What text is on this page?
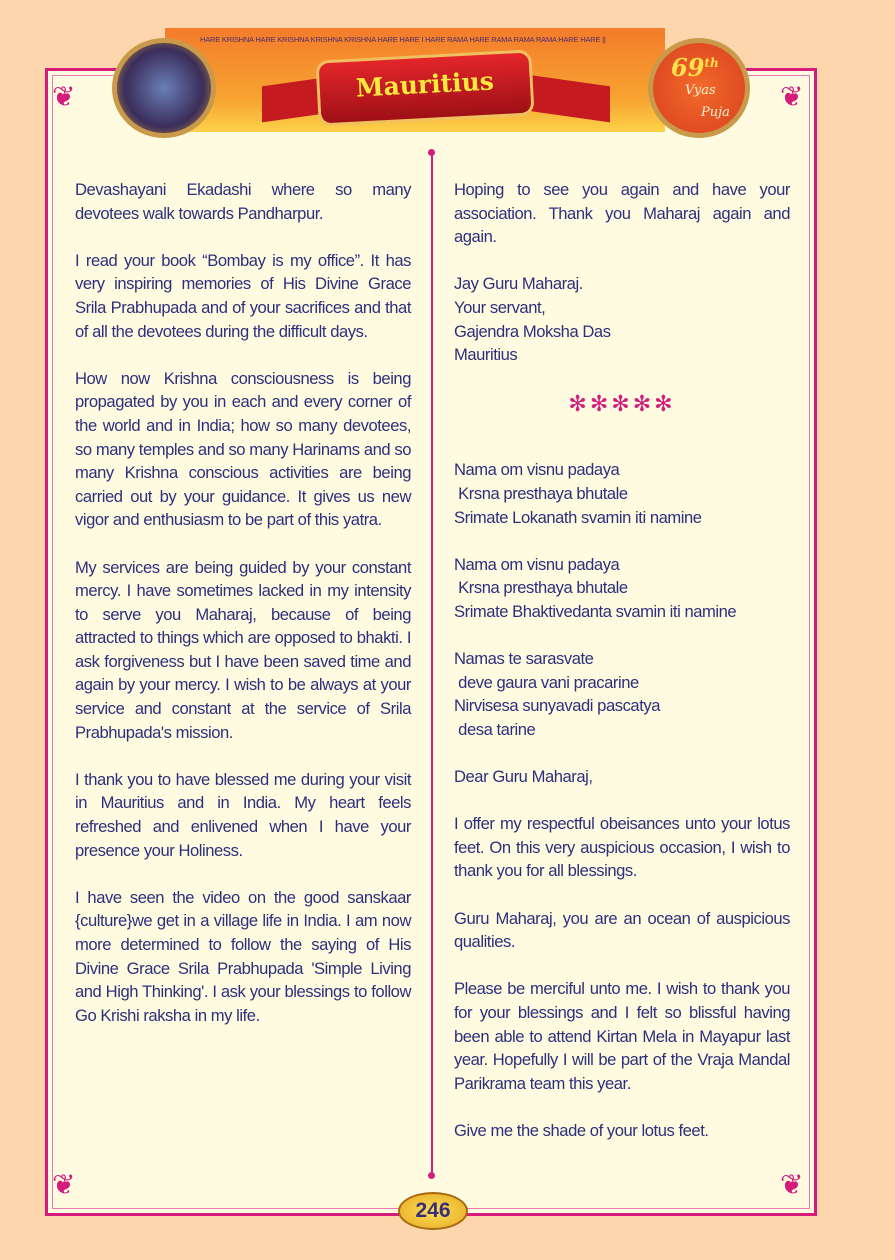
❦	❦
❦	❦
HARE KRISHNA HARE KRISHNA KRISHNA KRISHNA HARE HARE I HARE RAMA HARE RAMA RAMA RAMA HARE HARE ||
Mauritius	69th
Vyas
Puja

Devashayani Ekadashi where so many devotees walk towards Pandharpur.

I read your book “Bombay is my office”. It has very inspiring memories of His Divine Grace Srila Prabhupada and of your sacrifices and that of all the devotees during the difficult days.

How now Krishna consciousness is being propagated by you in each and every corner of the world and in India; how so many devotees, so many temples and so many Harinams and so many Krishna conscious activities are being carried out by your guidance. It gives us new vigor and enthusiasm to be part of this yatra.

My services are being guided by your constant mercy. I have sometimes lacked in my intensity to serve you Maharaj, because of being attracted to things which are opposed to bhakti. I ask forgiveness but I have been saved time and again by your mercy. I wish to be always at your service and constant at the service of Srila Prabhupada's mission.

I thank you to have blessed me during your visit in Mauritius and in India. My heart feels refreshed and enlivened when I have your presence your Holiness.

I have seen the video on the good sanskaar {culture}we get in a village life in India. I am now more determined to follow the saying of His Divine Grace Srila Prabhupada 'Simple Living and High Thinking'. I ask your blessings to follow Go Krishi raksha in my life.

Hoping to see you again and have your association. Thank you Maharaj again and again.

Jay Guru Maharaj.
Your servant,
Gajendra Moksha Das
Mauritius

✻✻✻✻✻

Nama om visnu padaya
Krsna presthaya bhutale
Srimate Lokanath svamin iti namine

Nama om visnu padaya
Krsna presthaya bhutale
Srimate Bhaktivedanta svamin iti namine

Namas te sarasvate
deve gaura vani pracarine
Nirvisesa sunyavadi pascatya
desa tarine

Dear Guru Maharaj,

I offer my respectful obeisances unto your lotus feet. On this very auspicious occasion, I wish to thank you for all blessings.

Guru Maharaj, you are an ocean of auspicious qualities.

Please be merciful unto me. I wish to thank you for your blessings and I felt so blissful having been able to attend Kirtan Mela in Mayapur last year. Hopefully I will be part of the Vraja Mandal Parikrama team this year.

Give me the shade of your lotus feet.

246
